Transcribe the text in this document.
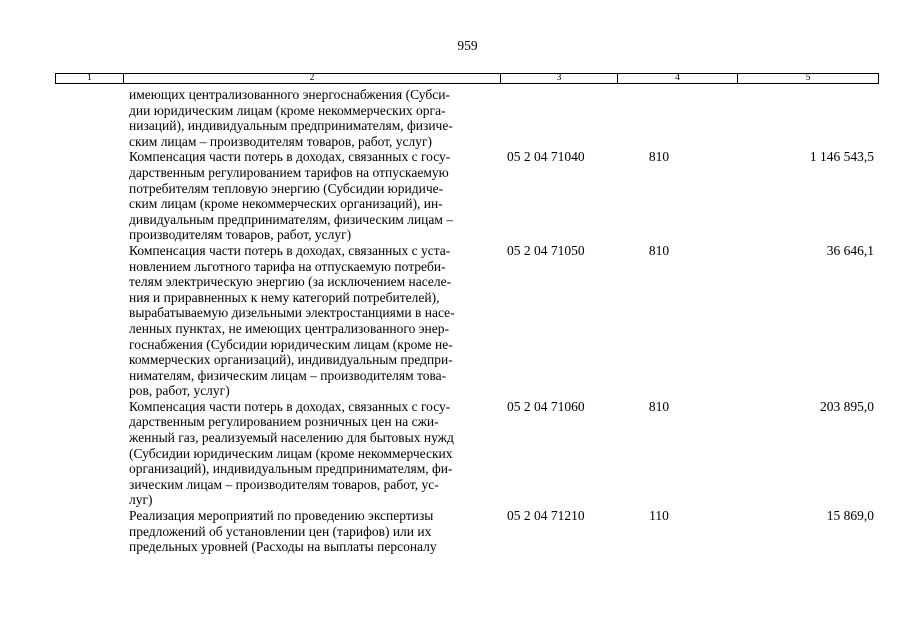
959
1	2	3	4	5
имеющих централизованного энергоснабжения (Субси-
дии юридическим лицам (кроме некоммерческих орга-
низаций), индивидуальным предпринимателям, физиче-
ским лицам – производителям товаров, работ, услуг)
Компенсация части потерь в доходах, связанных с госу-
дарственным регулированием тарифов на отпускаемую
потребителям тепловую энергию (Субсидии юридиче-
ским лицам (кроме некоммерческих организаций), ин-
дивидуальным предпринимателям, физическим лицам –
производителям товаров, работ, услуг)
05 2 04 71040	810	1 146 543,5
Компенсация части потерь в доходах, связанных с уста-
новлением льготного тарифа на отпускаемую потреби-
телям электрическую энергию (за исключением населе-
ния и приравненных к нему категорий потребителей),
вырабатываемую дизельными электростанциями в насе-
ленных пунктах, не имеющих централизованного энер-
госнабжения (Субсидии юридическим лицам (кроме не-
коммерческих организаций), индивидуальным предпри-
нимателям, физическим лицам – производителям това-
ров, работ, услуг)
05 2 04 71050	810	36 646,1
Компенсация части потерь в доходах, связанных с госу-
дарственным регулированием розничных цен на сжи-
женный газ, реализуемый населению для бытовых нужд
(Субсидии юридическим лицам (кроме некоммерческих
организаций), индивидуальным предпринимателям, фи-
зическим лицам – производителям товаров, работ, ус-
луг)
05 2 04 71060	810	203 895,0
Реализация мероприятий по проведению экспертизы
предложений об установлении цен (тарифов) или их
предельных уровней (Расходы на выплаты персоналу
05 2 04 71210	110	15 869,0
